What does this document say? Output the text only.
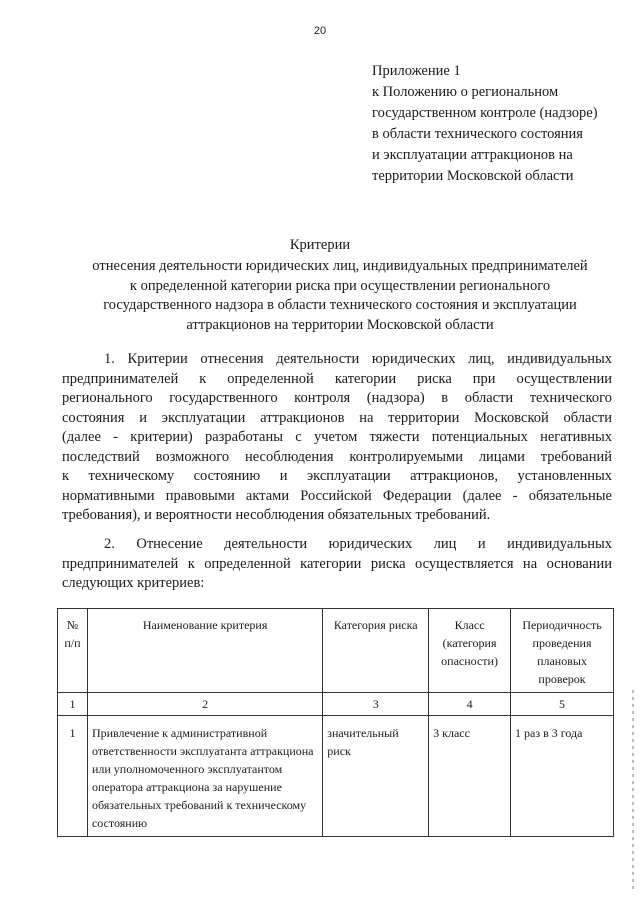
20
Приложение 1
к Положению о региональном
государственном контроле (надзоре)
в области технического состояния
и эксплуатации аттракционов на
территории Московской области
Критерии
отнесения деятельности юридических лиц, индивидуальных предпринимателей
к определенной категории риска при осуществлении регионального
государственного надзора в области технического состояния и эксплуатации
аттракционов на территории Московской области
1. Критерии отнесения деятельности юридических лиц, индивидуальных
предпринимателей к определенной категории риска при осуществлении
регионального государственного контроля (надзора) в области технического
состояния и эксплуатации аттракционов на территории Московской области
(далее - критерии) разработаны с учетом тяжести потенциальных негативных
последствий возможного несоблюдения контролируемыми лицами требований
к техническому состоянию и эксплуатации аттракционов, установленных
нормативными правовыми актами Российской Федерации (далее - обязательные
требования), и вероятности несоблюдения обязательных требований.
2. Отнесение деятельности юридических лиц и индивидуальных
предпринимателей к определенной категории риска осуществляется на основании
следующих критериев:
№ п/п	Наименование критерия	Категория риска	Класс (категория опасности)	Периодичность проведения плановых проверок
1	2	3	4	5
1	Привлечение к административной ответственности эксплуатанта аттракциона или уполномоченного эксплуатантом оператора аттракциона за нарушение обязательных требований к техническому состоянию	значительный риск	3 класс	1 раз в 3 года
